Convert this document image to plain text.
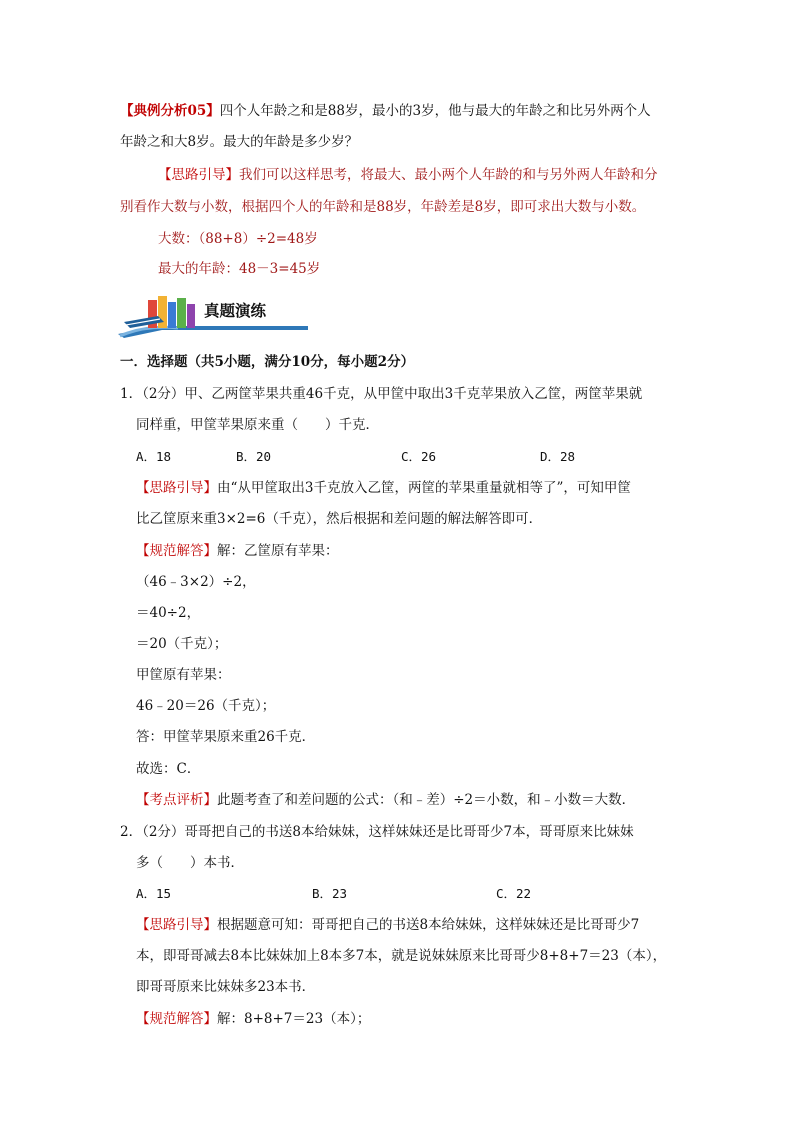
【典例分析05】四个人年龄之和是88岁，最小的3岁，他与最大的年龄之和比另外两个人
年龄之和大8岁。最大的年龄是多少岁？
【思路引导】我们可以这样思考，将最大、最小两个人年龄的和与另外两人年龄和分
别看作大数与小数，根据四个人的年龄和是88岁，年龄差是8岁，即可求出大数与小数。
大数：（88+8）÷2=48岁
最大的年龄：48－3=45岁
真题演练
一．选择题（共5小题，满分10分，每小题2分）
1．（2分）甲、乙两筐苹果共重46千克，从甲筐中取出3千克苹果放入乙筐，两筐苹果就
同样重，甲筐苹果原来重（　　）千克．
A．18	B．20	C．26	D．28
【思路引导】由“从甲筐取出3千克放入乙筐，两筐的苹果重量就相等了”，可知甲筐
比乙筐原来重3×2=6（千克），然后根据和差问题的解法解答即可．
【规范解答】解：乙筐原有苹果：
（46﹣3×2）÷2，
＝40÷2，
＝20（千克）；
甲筐原有苹果：
46﹣20＝26（千克）；
答：甲筐苹果原来重26千克．
故选：C．
【考点评析】此题考查了和差问题的公式：（和﹣差）÷2＝小数，和﹣小数＝大数．
2．（2分）哥哥把自己的书送8本给妹妹，这样妹妹还是比哥哥少7本，哥哥原来比妹妹
多（　　）本书．
A．15	B．23	C．22
【思路引导】根据题意可知：哥哥把自己的书送8本给妹妹，这样妹妹还是比哥哥少7
本，即哥哥减去8本比妹妹加上8本多7本，就是说妹妹原来比哥哥少8+8+7＝23（本），
即哥哥原来比妹妹多23本书．
【规范解答】解：8+8+7＝23（本）；
